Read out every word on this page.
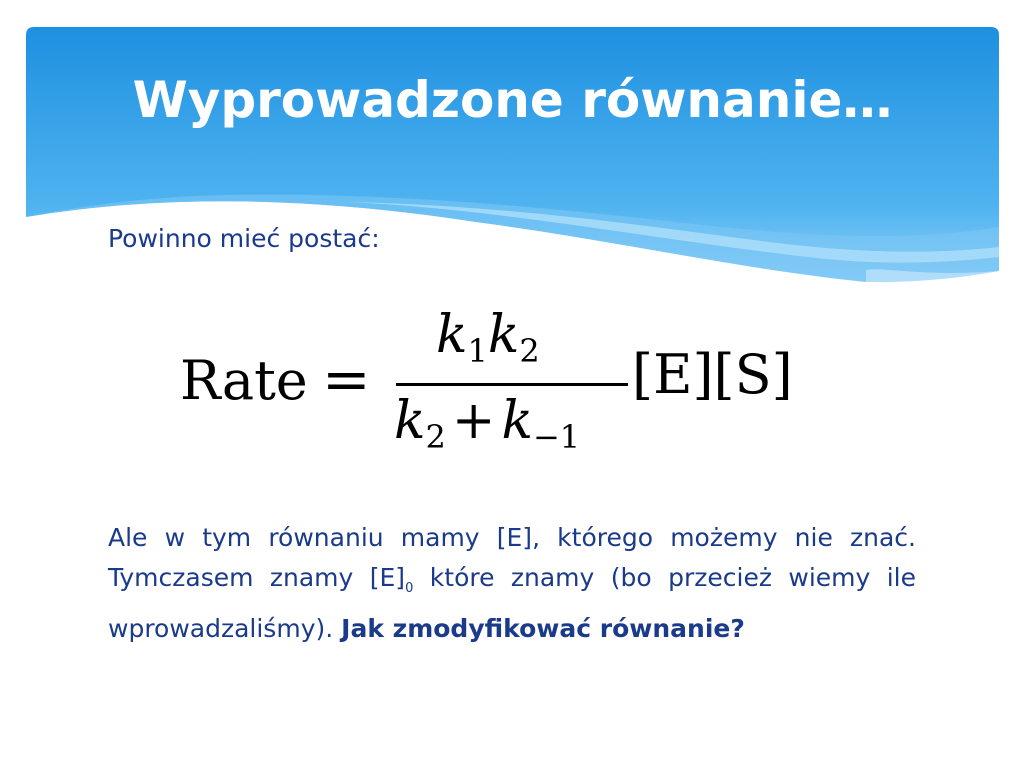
Wyprowadzone równanie…

Powinno mieć postać:

Rate =
$k_1k_2$
$k_2 + k_{-1}$
[E][S]

Ale w tym równaniu mamy [E], którego możemy nie znać. Tymczasem znamy $[E]_0$ które znamy (bo przecież wiemy ile wprowadzaliśmy). Jak zmodyfikować równanie?
